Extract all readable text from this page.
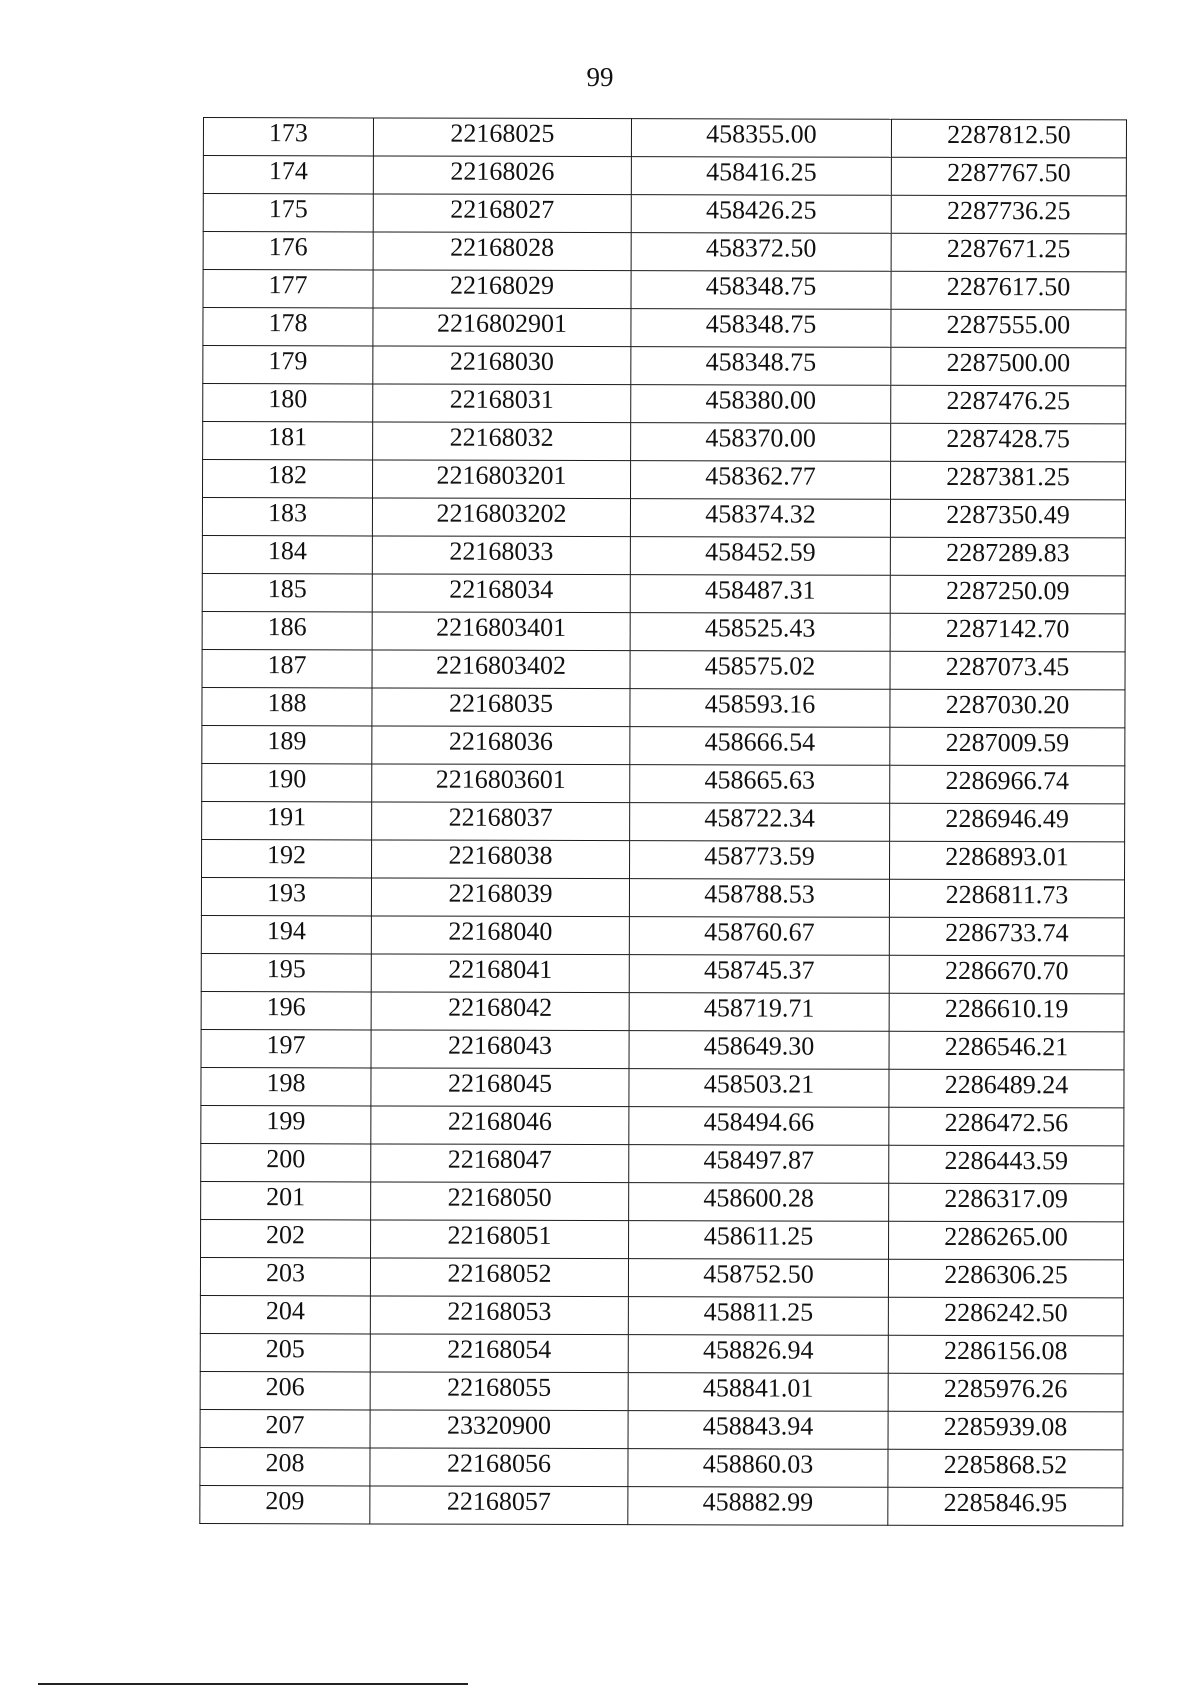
99
173	22168025	458355.00	2287812.50
174	22168026	458416.25	2287767.50
175	22168027	458426.25	2287736.25
176	22168028	458372.50	2287671.25
177	22168029	458348.75	2287617.50
178	2216802901	458348.75	2287555.00
179	22168030	458348.75	2287500.00
180	22168031	458380.00	2287476.25
181	22168032	458370.00	2287428.75
182	2216803201	458362.77	2287381.25
183	2216803202	458374.32	2287350.49
184	22168033	458452.59	2287289.83
185	22168034	458487.31	2287250.09
186	2216803401	458525.43	2287142.70
187	2216803402	458575.02	2287073.45
188	22168035	458593.16	2287030.20
189	22168036	458666.54	2287009.59
190	2216803601	458665.63	2286966.74
191	22168037	458722.34	2286946.49
192	22168038	458773.59	2286893.01
193	22168039	458788.53	2286811.73
194	22168040	458760.67	2286733.74
195	22168041	458745.37	2286670.70
196	22168042	458719.71	2286610.19
197	22168043	458649.30	2286546.21
198	22168045	458503.21	2286489.24
199	22168046	458494.66	2286472.56
200	22168047	458497.87	2286443.59
201	22168050	458600.28	2286317.09
202	22168051	458611.25	2286265.00
203	22168052	458752.50	2286306.25
204	22168053	458811.25	2286242.50
205	22168054	458826.94	2286156.08
206	22168055	458841.01	2285976.26
207	23320900	458843.94	2285939.08
208	22168056	458860.03	2285868.52
209	22168057	458882.99	2285846.95
